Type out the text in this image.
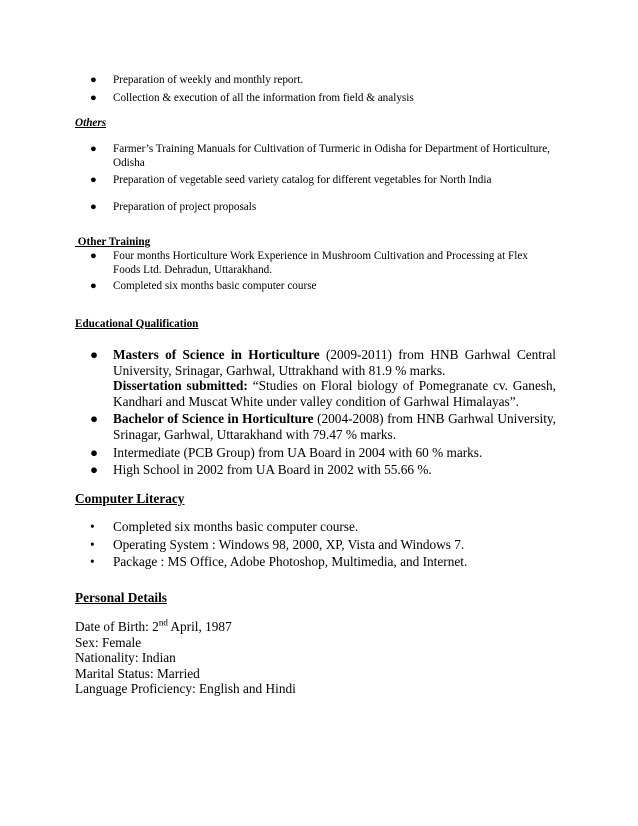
● Preparation of weekly and monthly report.
● Collection & execution of all the information from field & analysis
Others
● Farmer’s Training Manuals for Cultivation of Turmeric in Odisha for Department of Horticulture, Odisha
● Preparation of vegetable seed variety catalog for different vegetables for North India
● Preparation of project proposals
Other Training
● Four months Horticulture Work Experience in Mushroom Cultivation and Processing at Flex Foods Ltd. Dehradun, Uttarakhand.
● Completed six months basic computer course
Educational Qualification
● Masters of Science in Horticulture (2009-2011) from HNB Garhwal Central University, Srinagar, Garhwal, Uttrakhand with 81.9 % marks.
Dissertation submitted: “Studies on Floral biology of Pomegranate cv. Ganesh, Kandhari and Muscat White under valley condition of Garhwal Himalayas”.
● Bachelor of Science in Horticulture (2004-2008) from HNB Garhwal University, Srinagar, Garhwal, Uttarakhand with 79.47 % marks.
● Intermediate (PCB Group) from UA Board in 2004 with 60 % marks.
● High School in 2002 from UA Board in 2002 with 55.66 %.
Computer Literacy
• Completed six months basic computer course.
• Operating System : Windows 98, 2000, XP, Vista and Windows 7.
• Package : MS Office, Adobe Photoshop, Multimedia, and Internet.
Personal Details
Date of Birth: 2nd April, 1987
Sex: Female
Nationality: Indian
Marital Status: Married
Language Proficiency: English and Hindi
